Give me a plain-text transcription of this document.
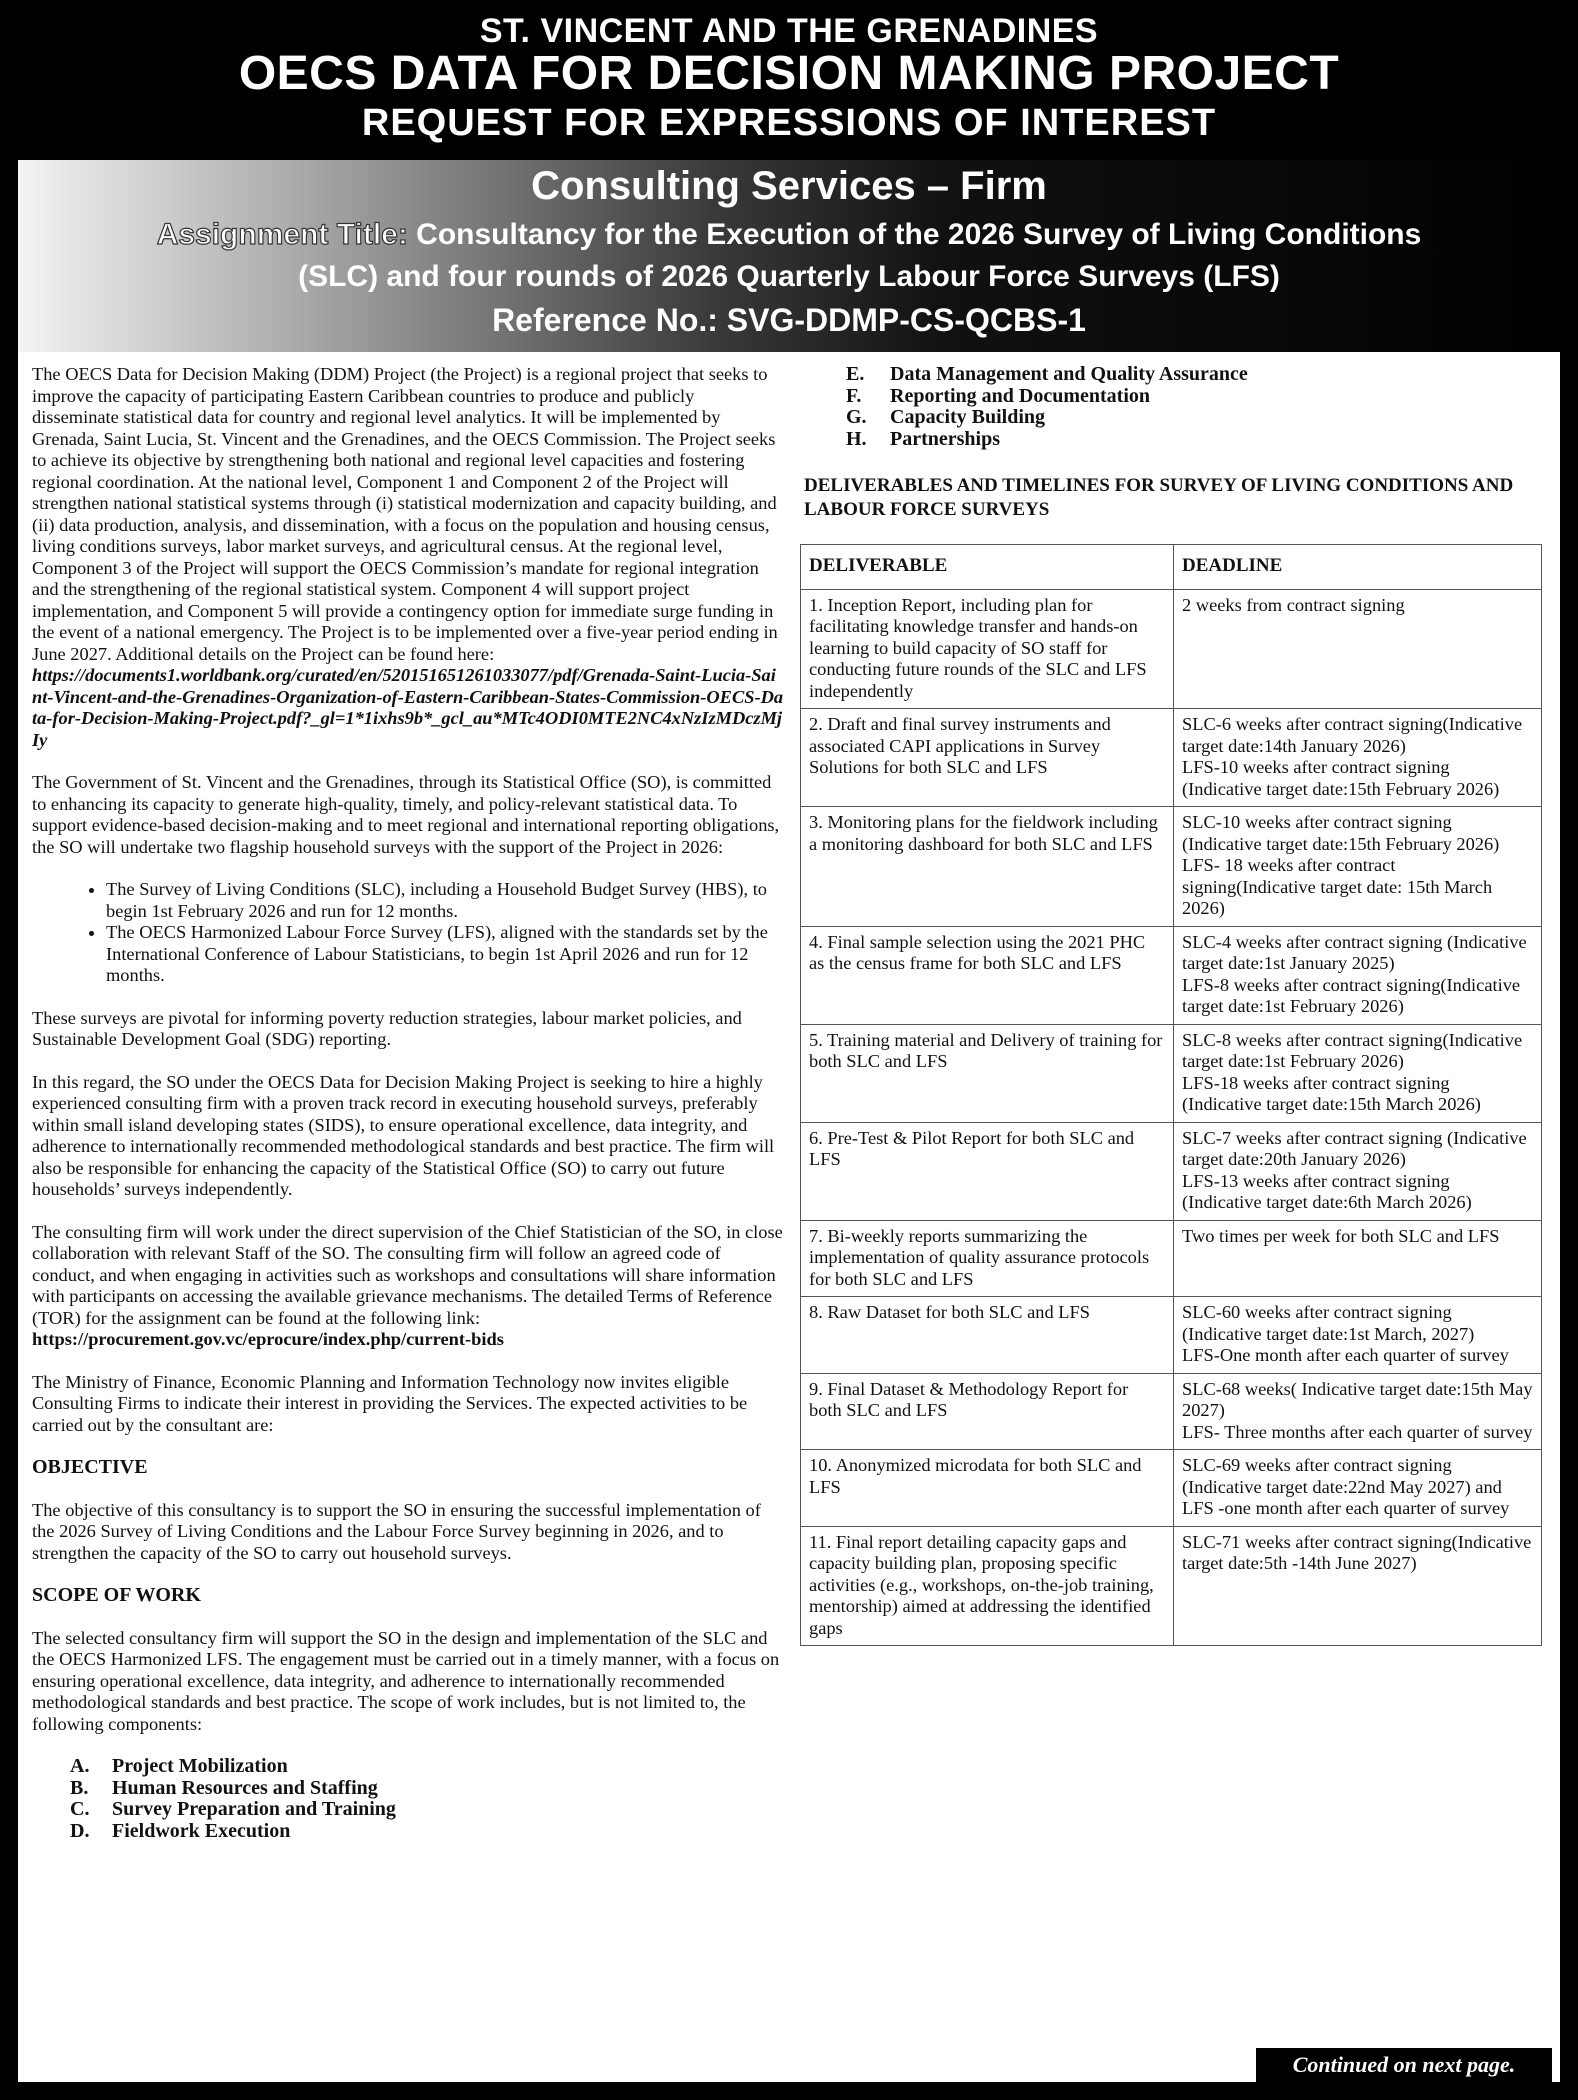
ST. VINCENT AND THE GRENADINES
OECS DATA FOR DECISION MAKING PROJECT
REQUEST FOR EXPRESSIONS OF INTEREST
Consulting Services – Firm
Assignment Title: Consultancy for the Execution of the 2026 Survey of Living Conditions
(SLC) and four rounds of 2026 Quarterly Labour Force Surveys (LFS)
Reference No.: SVG-DDMP-CS-QCBS-1

The OECS Data for Decision Making (DDM) Project (the Project) is a regional project that seeks to improve the capacity of participating Eastern Caribbean countries to produce and publicly disseminate statistical data for country and regional level analytics. It will be implemented by Grenada, Saint Lucia, St. Vincent and the Grenadines, and the OECS Commission. The Project seeks to achieve its objective by strengthening both national and regional level capacities and fostering regional coordination. At the national level, Component 1 and Component 2 of the Project will strengthen national statistical systems through (i) statistical modernization and capacity building, and (ii) data production, analysis, and dissemination, with a focus on the population and housing census, living conditions surveys, labor market surveys, and agricultural census. At the regional level, Component 3 of the Project will support the OECS Commission’s mandate for regional integration and the strengthening of the regional statistical system. Component 4 will support project implementation, and Component 5 will provide a contingency option for immediate surge funding in the event of a national emergency. The Project is to be implemented over a five-year period ending in June 2027. Additional details on the Project can be found here:
https://documents1.worldbank.org/curated/en/520151651261033077/pdf/Grenada-Saint-Lucia-Saint-Vincent-and-the-Grenadines-Organization-of-Eastern-Caribbean-States-Commission-OECS-Data-for-Decision-Making-Project.pdf?_gl=1*1ixhs9b*_gcl_au*MTc4ODI0MTE2NC4xNzIzMDczMjIy

The Government of St. Vincent and the Grenadines, through its Statistical Office (SO), is committed to enhancing its capacity to generate high-quality, timely, and policy-relevant statistical data. To support evidence-based decision-making and to meet regional and international reporting obligations, the SO will undertake two flagship household surveys with the support of the Project in 2026:

• The Survey of Living Conditions (SLC), including a Household Budget Survey (HBS), to begin 1st February 2026 and run for 12 months.
• The OECS Harmonized Labour Force Survey (LFS), aligned with the standards set by the International Conference of Labour Statisticians, to begin 1st April 2026 and run for 12 months.

These surveys are pivotal for informing poverty reduction strategies, labour market policies, and Sustainable Development Goal (SDG) reporting.

In this regard, the SO under the OECS Data for Decision Making Project is seeking to hire a highly experienced consulting firm with a proven track record in executing household surveys, preferably within small island developing states (SIDS), to ensure operational excellence, data integrity, and adherence to internationally recommended methodological standards and best practice. The firm will also be responsible for enhancing the capacity of the Statistical Office (SO) to carry out future households’ surveys independently.

The consulting firm will work under the direct supervision of the Chief Statistician of the SO, in close collaboration with relevant Staff of the SO. The consulting firm will follow an agreed code of conduct, and when engaging in activities such as workshops and consultations will share information with participants on accessing the available grievance mechanisms. The detailed Terms of Reference (TOR) for the assignment can be found at the following link: https://procurement.gov.vc/eprocure/index.php/current-bids

The Ministry of Finance, Economic Planning and Information Technology now invites eligible Consulting Firms to indicate their interest in providing the Services. The expected activities to be carried out by the consultant are:

OBJECTIVE

The objective of this consultancy is to support the SO in ensuring the successful implementation of the 2026 Survey of Living Conditions and the Labour Force Survey beginning in 2026, and to strengthen the capacity of the SO to carry out household surveys.

SCOPE OF WORK

The selected consultancy firm will support the SO in the design and implementation of the SLC and the OECS Harmonized LFS. The engagement must be carried out in a timely manner, with a focus on ensuring operational excellence, data integrity, and adherence to internationally recommended methodological standards and best practice. The scope of work includes, but is not limited to, the following components:

A. Project Mobilization
B. Human Resources and Staffing
C. Survey Preparation and Training
D. Fieldwork Execution
E. Data Management and Quality Assurance
F. Reporting and Documentation
G. Capacity Building
H. Partnerships
DELIVERABLES AND TIMELINES FOR SURVEY OF LIVING CONDITIONS AND LABOUR FORCE SURVEYS
DELIVERABLE	DEADLINE
1. Inception Report, including plan for facilitating knowledge transfer and hands-on learning to build capacity of SO staff for conducting future rounds of the SLC and LFS independently	2 weeks from contract signing
2. Draft and final survey instruments and associated CAPI applications in Survey Solutions for both SLC and LFS	SLC-6 weeks after contract signing(Indicative target date:14th January 2026)
LFS-10 weeks after contract signing (Indicative target date:15th February 2026)
3. Monitoring plans for the fieldwork including a monitoring dashboard for both SLC and LFS	SLC-10 weeks after contract signing (Indicative target date:15th February 2026)
LFS- 18 weeks after contract signing(Indicative target date: 15th March 2026)
4. Final sample selection using the 2021 PHC as the census frame for both SLC and LFS	SLC-4 weeks after contract signing (Indicative target date:1st January 2025)
LFS-8 weeks after contract signing(Indicative target date:1st February 2026)
5. Training material and Delivery of training for both SLC and LFS	SLC-8 weeks after contract signing(Indicative target date:1st February 2026)
LFS-18 weeks after contract signing (Indicative target date:15th March 2026)
6. Pre-Test & Pilot Report for both SLC and LFS	SLC-7 weeks after contract signing (Indicative target date:20th January 2026)
LFS-13 weeks after contract signing (Indicative target date:6th March 2026)
7. Bi-weekly reports summarizing the implementation of quality assurance protocols for both SLC and LFS	Two times per week for both SLC and LFS
8. Raw Dataset for both SLC and LFS	SLC-60 weeks after contract signing (Indicative target date:1st March, 2027)
LFS-One month after each quarter of survey
9. Final Dataset & Methodology Report for both SLC and LFS	SLC-68 weeks( Indicative target date:15th May 2027)
LFS- Three months after each quarter of survey
10. Anonymized microdata for both SLC and LFS	SLC-69 weeks after contract signing (Indicative target date:22nd May 2027) and LFS -one month after each quarter of survey
11. Final report detailing capacity gaps and capacity building plan, proposing specific activities (e.g., workshops, on-the-job training, mentorship) aimed at addressing the identified gaps	SLC-71 weeks after contract signing(Indicative target date:5th -14th June 2027)
Continued on next page.
